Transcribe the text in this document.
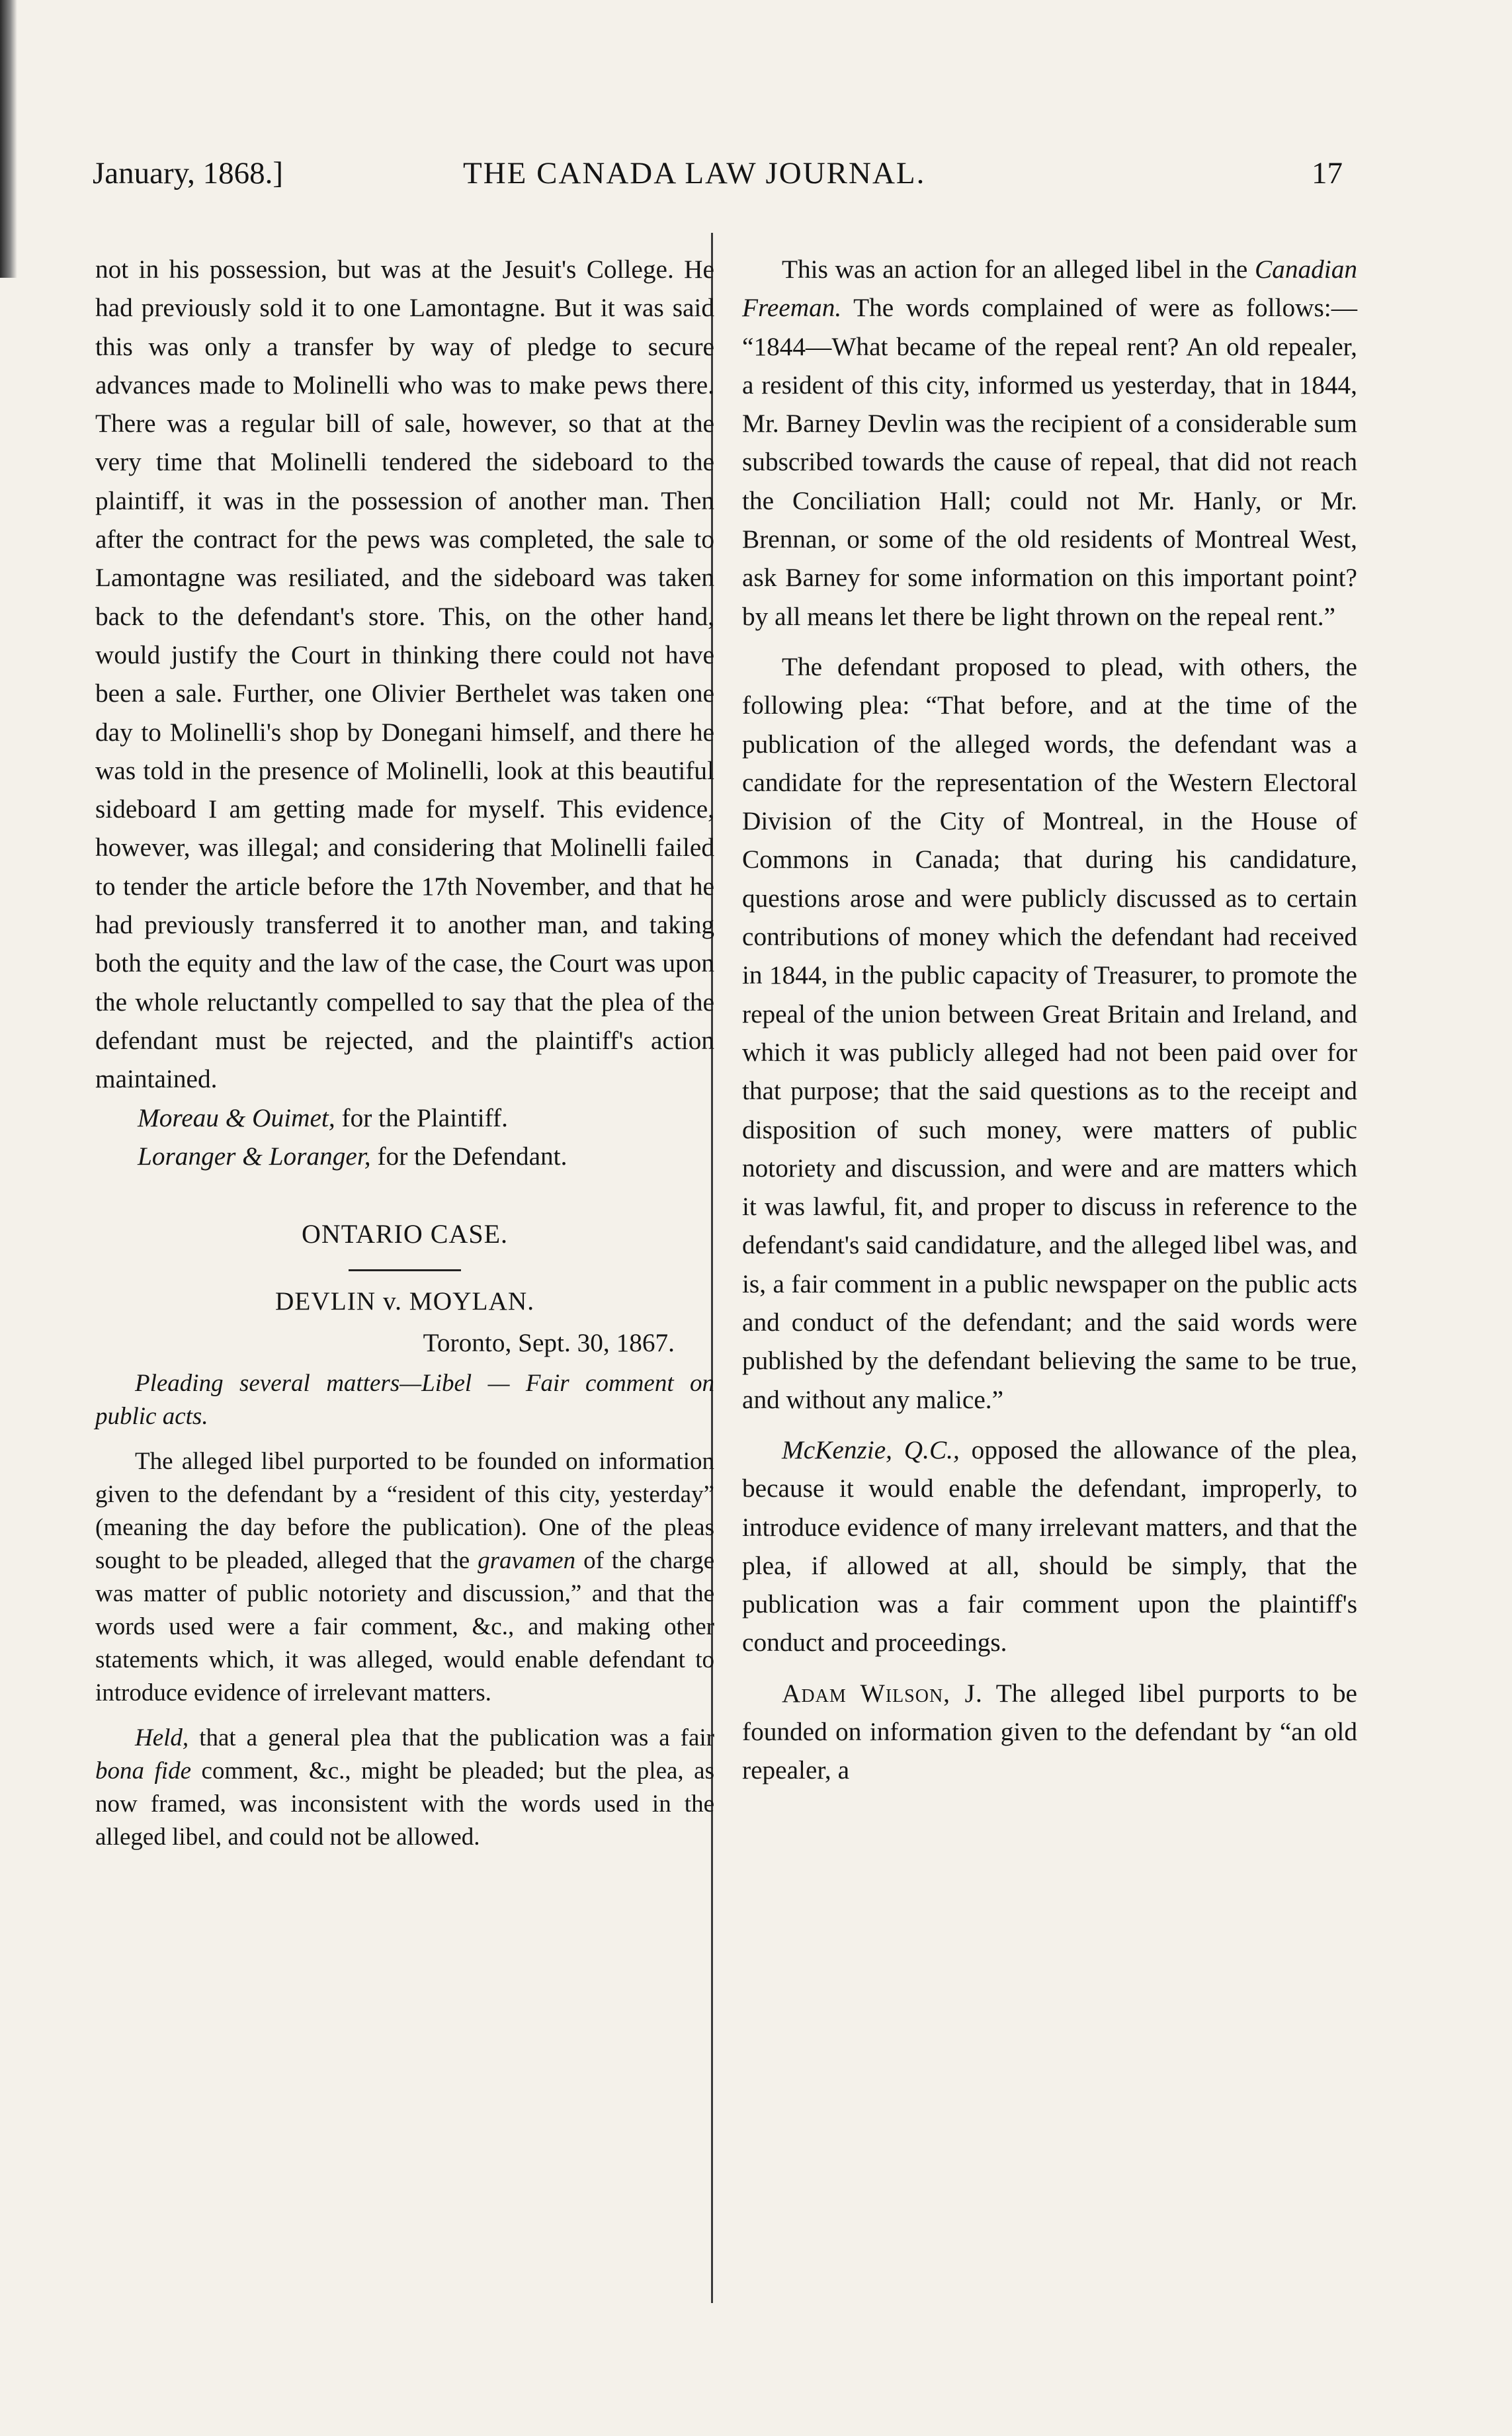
January, 1868.]	THE CANADA LAW JOURNAL.	17

not in his possession, but was at the Jesuit's College. He had previously sold it to one Lamontagne. But it was said this was only a transfer by way of pledge to secure advances made to Molinelli who was to make pews there. There was a regular bill of sale, however, so that at the very time that Molinelli tendered the sideboard to the plaintiff, it was in the possession of another man. Then after the contract for the pews was completed, the sale to Lamontagne was resiliated, and the sideboard was taken back to the defendant's store. This, on the other hand, would justify the Court in thinking there could not have been a sale. Further, one Olivier Berthelet was taken one day to Molinelli's shop by Donegani himself, and there he was told in the presence of Molinelli, look at this beautiful sideboard I am getting made for myself. This evidence, however, was illegal; and considering that Molinelli failed to tender the article before the 17th November, and that he had previously transferred it to another man, and taking both the equity and the law of the case, the Court was upon the whole reluctantly compelled to say that the plea of the defendant must be rejected, and the plaintiff's action maintained.

Moreau & Ouimet, for the Plaintiff.

Loranger & Loranger, for the Defendant.

ONTARIO CASE.
DEVLIN v. MOYLAN.
Toronto, Sept. 30, 1867.

Pleading several matters—Libel — Fair comment on public acts.

The alleged libel purported to be founded on information given to the defendant by a “resident of this city, yesterday” (meaning the day before the publication). One of the pleas sought to be pleaded, alleged that the gravamen of the charge was matter of public notoriety and discussion,” and that the words used were a fair comment, &c., and making other statements which, it was alleged, would enable defendant to introduce evidence of irrelevant matters.

Held, that a general plea that the publication was a fair bona fide comment, &c., might be pleaded; but the plea, as now framed, was inconsistent with the words used in the alleged libel, and could not be allowed.

This was an action for an alleged libel in the Canadian Freeman. The words complained of were as follows:— “1844—What became of the repeal rent? An old repealer, a resident of this city, informed us yesterday, that in 1844, Mr. Barney Devlin was the recipient of a considerable sum subscribed towards the cause of repeal, that did not reach the Conciliation Hall; could not Mr. Hanly, or Mr. Brennan, or some of the old residents of Montreal West, ask Barney for some information on this important point? by all means let there be light thrown on the repeal rent.”

The defendant proposed to plead, with others, the following plea: “That before, and at the time of the publication of the alleged words, the defendant was a candidate for the representation of the Western Electoral Division of the City of Montreal, in the House of Commons in Canada; that during his candidature, questions arose and were publicly discussed as to certain contributions of money which the defendant had received in 1844, in the public capacity of Treasurer, to promote the repeal of the union between Great Britain and Ireland, and which it was publicly alleged had not been paid over for that purpose; that the said questions as to the receipt and disposition of such money, were matters of public notoriety and discussion, and were and are matters which it was lawful, fit, and proper to discuss in reference to the defendant's said candidature, and the alleged libel was, and is, a fair comment in a public newspaper on the public acts and conduct of the defendant; and the said words were published by the defendant believing the same to be true, and without any malice.”

McKenzie, Q.C., opposed the allowance of the plea, because it would enable the defendant, improperly, to introduce evidence of many irrelevant matters, and that the plea, if allowed at all, should be simply, that the publication was a fair comment upon the plaintiff's conduct and proceedings.

Adam Wilson, J. The alleged libel purports to be founded on information given to the defendant by “an old repealer, a
